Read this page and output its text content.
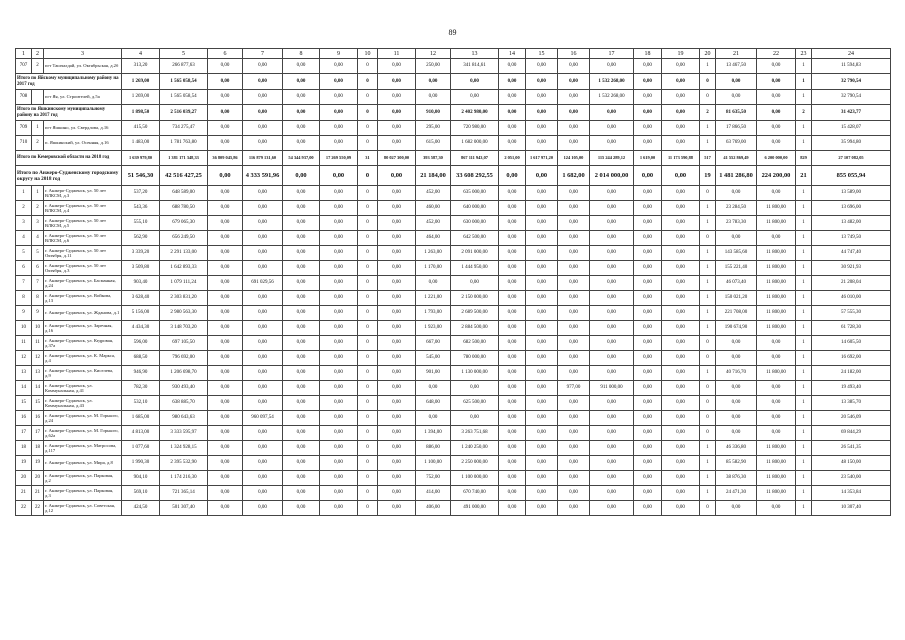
89
1	2	3	4	5	6	7	8	9	10	11	12	13	14	15	16	17	18	19	20	21	22	23	24
707	2	пгт Ташчалдай, ул. Октябрьская, д.2б	313,20	266 877,63	0,00	0,00	0,00	0,00	0	0,00	250,00	341 814,61	0,00	0,00	0,00	0,00	0,00	0,00	1	13 467,50	0,00	1	11 594,83
Итого по Яйскому муниципальному району на 2017 год			1 269,00	1 565 058,54	0,00	0,00	0,00	0,00	0	0,00	0,00	0,00	0,00	0,00	0,00	1 532 268,00	0,00	0,00	0	0,00	0,00	1	32 790,54
708		пгт Яя, ул. Строителей, д.5а	1 269,00	1 565 058,54	0,00	0,00	0,00	0,00	0	0,00	0,00	0,00	0,00	0,00	0,00	1 532 268,00	0,00	0,00	0	0,00	0,00	1	32 790,54
Итого по Яшкинскому муниципальному району на 2017 год			1 898,50	2 516 039,27	0,00	0,00	0,00	0,00	0	0,00	910,00	2 402 980,00	0,00	0,00	0,00	0,00	0,00	0,00	2	81 635,50	0,00	2	31 423,77
709	1	пгт Яшкино, ул. Свердлова, д.16	415,50	734 275,47	0,00	0,00	0,00	0,00	0	0,00	295,00	720 980,00	0,00	0,00	0,00	0,00	0,00	0,00	1	17 866,50	0,00	1	15 428,07
710	2	п. Яшкинский, ул. Осенняя, д.16	1 483,00	1 781 763,80	0,00	0,00	0,00	0,00	0	0,00	615,00	1 682 000,00	0,00	0,00	0,00	0,00	0,00	0,00	1	63 769,00	0,00	1	35 994,80
Итого по Кемеровской области на 2018 год			1 639 979,80	1 381 171 348,33	36 809 045,86	116 879 131,60	54 344 937,00	17 269 550,09	31	80 027 300,00	393 587,30	867 111 943,07	2 051,00	1 617 971,20	124 105,00	115 244 289,12	1 619,00	11 173 590,88	517	41 552 869,49	6 200 000,00	829	27 107 082,05
Итого по Анжеро-Судженскому городскому округу на 2018 год			51 546,30	42 516 427,25	0,00	4 333 591,96	0,00	0,00	0	0,00	21 184,00	33 608 292,55	0,00	0,00	1 682,00	2 014 000,00	0,00	0,00	19	1 481 286,80	224 200,00	21	855 055,94
1	1	г. Анжеро-Судженск, ул. 50 лет ВЛКСМ, д.3	537,20	648 589,00	0,00	0,00	0,00	0,00	0	0,00	452,00	635 000,00	0,00	0,00	0,00	0,00	0,00	0,00	0	0,00	0,00	1	13 589,00
2	2	г. Анжеро-Судженск, ул. 50 лет ВЛКСМ, д.4	543,36	688 780,50	0,00	0,00	0,00	0,00	0	0,00	460,00	640 000,00	0,00	0,00	0,00	0,00	0,00	0,00	1	23 284,50	11 800,00	1	13 696,00
3	3	г. Анжеро-Судженск, ул. 50 лет ВЛКСМ, д.5	555,10	679 065,30	0,00	0,00	0,00	0,00	0	0,00	452,00	630 000,00	0,00	0,00	0,00	0,00	0,00	0,00	1	23 783,30	11 800,00	1	13 482,00
4	4	г. Анжеро-Судженск, ул. 50 лет ВЛКСМ, д.6	562,90	656 249,50	0,00	0,00	0,00	0,00	0	0,00	464,00	642 500,00	0,00	0,00	0,00	0,00	0,00	0,00	0	0,00	0,00	1	13 749,50
5	5	г. Анжеро-Судженск, ул. 50 лет Октября, д.11	3 339,20	2 291 133,00	0,00	0,00	0,00	0,00	0	0,00	1 263,00	2 091 000,00	0,00	0,00	0,00	0,00	0,00	0,00	1	143 585,60	11 800,00	1	44 747,40
6	6	г. Анжеро-Судженск, ул. 50 лет Октября, д.3	3 509,80	1 642 893,33	0,00	0,00	0,00	0,00	0	0,00	1 170,00	1 444 950,00	0,00	0,00	0,00	0,00	0,00	0,00	1	155 221,40	11 800,00	1	30 921,93
7	7	г. Анжеро-Судженск, ул. Басманная, д.24	903,40	1 079 111,24	0,00	691 029,56	0,00	0,00	0	0,00	0,00	0,00	0,00	0,00	0,00	0,00	0,00	0,00	1	46 073,40	11 800,00	1	21 208,04
8	8	г. Анжеро-Судженск, ул. Войкова, д.13	3 628,40	2 303 831,20	0,00	0,00	0,00	0,00	0	0,00	1 221,00	2 150 000,00	0,00	0,00	0,00	0,00	0,00	0,00	1	150 021,20	11 800,00	1	46 010,00
9	9	г. Анжеро-Судженск, ул. Жданова, д.1	5 156,00	2 980 563,30	0,00	0,00	0,00	0,00	0	0,00	1 793,00	2 689 500,00	0,00	0,00	0,00	0,00	0,00	0,00	1	221 708,00	11 800,00	1	57 555,30
10	10	г. Анжеро-Судженск, ул. Заречная, д.16	4 434,30	3 148 703,20	0,00	0,00	0,00	0,00	0	0,00	1 923,00	2 884 500,00	0,00	0,00	0,00	0,00	0,00	0,00	1	190 674,90	11 800,00	1	61 728,30
11	11	г. Анжеро-Судженск, ул. Кедровая, д.37а	596,00	697 105,50	0,00	0,00	0,00	0,00	0	0,00	667,00	682 500,00	0,00	0,00	0,00	0,00	0,00	0,00	0	0,00	0,00	1	14 605,50
12	12	г. Анжеро-Судженск, ул. К. Маркса, д.4	688,50	796 692,00	0,00	0,00	0,00	0,00	0	0,00	545,00	780 000,00	0,00	0,00	0,00	0,00	0,00	0,00	0	0,00	0,00	1	16 692,00
13	13	г. Анжеро-Судженск, ул. Киселева, д.9	946,90	1 206 698,70	0,00	0,00	0,00	0,00	0	0,00	901,00	1 130 000,00	0,00	0,00	0,00	0,00	0,00	0,00	1	40 716,70	11 800,00	1	24 182,00
14	14	г. Анжеро-Судженск, ул. Коммунальная, д.41	782,30	930 493,40	0,00	0,00	0,00	0,00	0	0,00	0,00	0,00	0,00	0,00	977,00	911 000,00	0,00	0,00	0	0,00	0,00	1	19 493,40
15	15	г. Анжеро-Судженск, ул. Коммунальная, д.43	532,10	638 885,70	0,00	0,00	0,00	0,00	0	0,00	648,00	625 500,00	0,00	0,00	0,00	0,00	0,00	0,00	0	0,00	0,00	1	13 385,70
16	16	г. Анжеро-Судженск, ул. М. Горького, д.24	1 685,00	980 643,63	0,00	960 097,54	0,00	0,00	0	0,00	0,00	0,00	0,00	0,00	0,00	0,00	0,00	0,00	0	0,00	0,00	1	20 546,09
17	17	г. Анжеро-Судженск, ул. М. Горького, д.62а	4 813,00	3 333 595,97	0,00	0,00	0,00	0,00	0	0,00	1 394,00	3 263 751,68	0,00	0,00	0,00	0,00	0,00	0,00	0	0,00	0,00	1	69 844,29
18	18	г. Анжеро-Судженск, ул. Матросова, д.117	1 077,60	1 324 928,15	0,00	0,00	0,00	0,00	0	0,00	886,00	1 240 250,00	0,00	0,00	0,00	0,00	0,00	0,00	1	46 336,80	11 800,00	1	26 541,35
19	19	г. Анжеро-Судженск, ул. Мира, д.8	1 990,30	2 395 532,90	0,00	0,00	0,00	0,00	0	0,00	1 100,00	2 250 000,00	0,00	0,00	0,00	0,00	0,00	0,00	1	85 582,90	11 800,00	1	48 150,00
20	20	г. Анжеро-Судженск, ул. Парковая, д.2	904,10	1 174 216,30	0,00	0,00	0,00	0,00	0	0,00	752,00	1 100 000,00	0,00	0,00	0,00	0,00	0,00	0,00	1	38 876,30	11 800,00	1	23 540,00
21	21	г. Анжеро-Судженск, ул. Парковая, д.3	569,10	721 365,14	0,00	0,00	0,00	0,00	0	0,00	414,00	670 740,00	0,00	0,00	0,00	0,00	0,00	0,00	1	24 471,30	11 800,00	1	14 353,84
22	22	г. Анжеро-Судженск, ул. Советская, д.12	424,50	501 307,40	0,00	0,00	0,00	0,00	0	0,00	406,00	491 000,00	0,00	0,00	0,00	0,00	0,00	0,00	0	0,00	0,00	1	10 307,40
